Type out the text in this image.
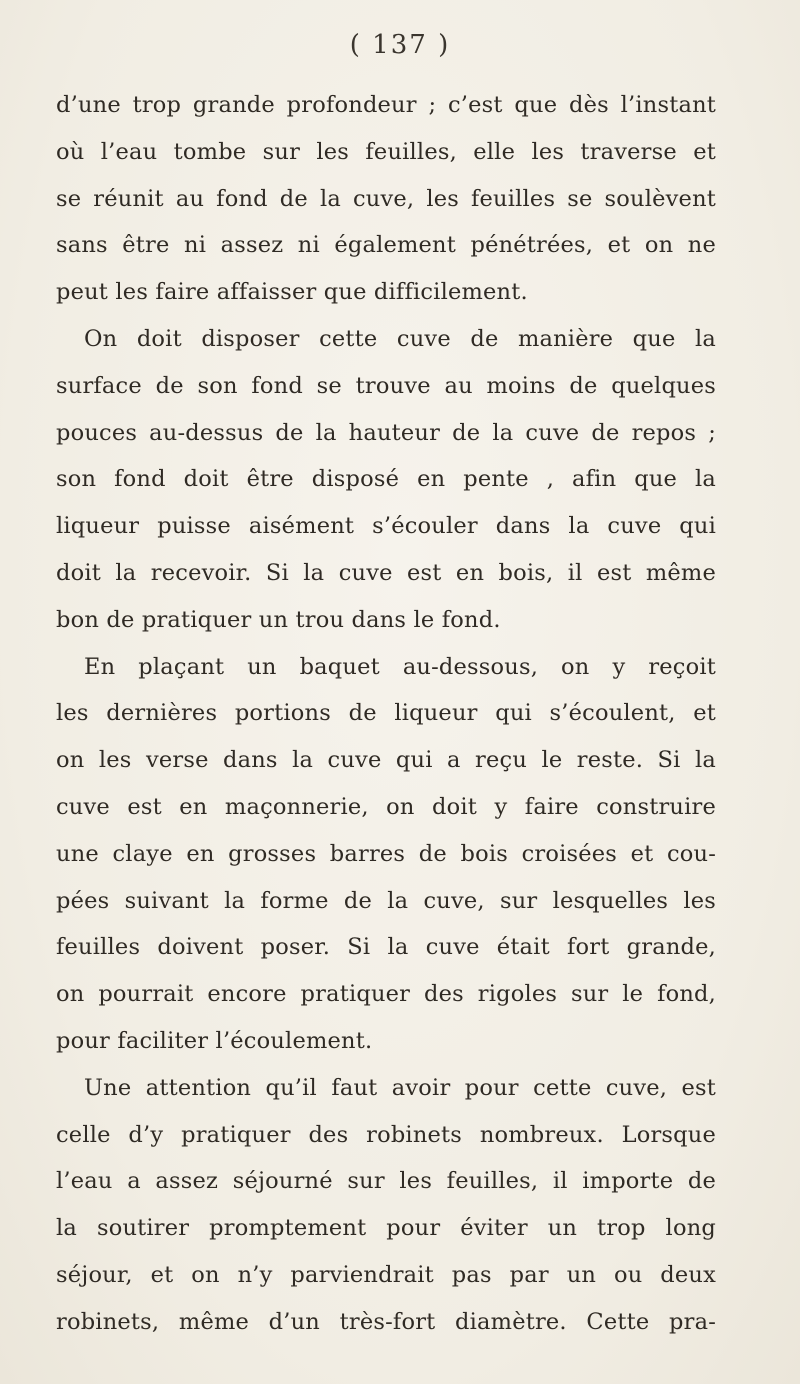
( 137 )
d’une trop grande profondeur ; c’est que dès l’instant
où l’eau tombe sur les feuilles, elle les traverse et
se réunit au fond de la cuve, les feuilles se soulèvent
sans être ni assez ni également pénétrées, et on ne
peut les faire affaisser que difficilement.
On doit disposer cette cuve de manière que la
surface de son fond se trouve au moins de quelques
pouces au-dessus de la hauteur de la cuve de repos ;
son fond doit être disposé en pente , afin que la
liqueur puisse aisément s’écouler dans la cuve qui
doit la recevoir. Si la cuve est en bois, il est même
bon de pratiquer un trou dans le fond.
En plaçant un baquet au-dessous, on y reçoit
les dernières portions de liqueur qui s’écoulent, et
on les verse dans la cuve qui a reçu le reste. Si la
cuve est en maçonnerie, on doit y faire construire
une claye en grosses barres de bois croisées et cou-
pées suivant la forme de la cuve, sur lesquelles les
feuilles doivent poser. Si la cuve était fort grande,
on pourrait encore pratiquer des rigoles sur le fond,
pour faciliter l’écoulement.
Une attention qu’il faut avoir pour cette cuve, est
celle d’y pratiquer des robinets nombreux. Lorsque
l’eau a assez séjourné sur les feuilles, il importe de
la soutirer promptement pour éviter un trop long
séjour, et on n’y parviendrait pas par un ou deux
robinets, même d’un très-fort diamètre. Cette pra-
